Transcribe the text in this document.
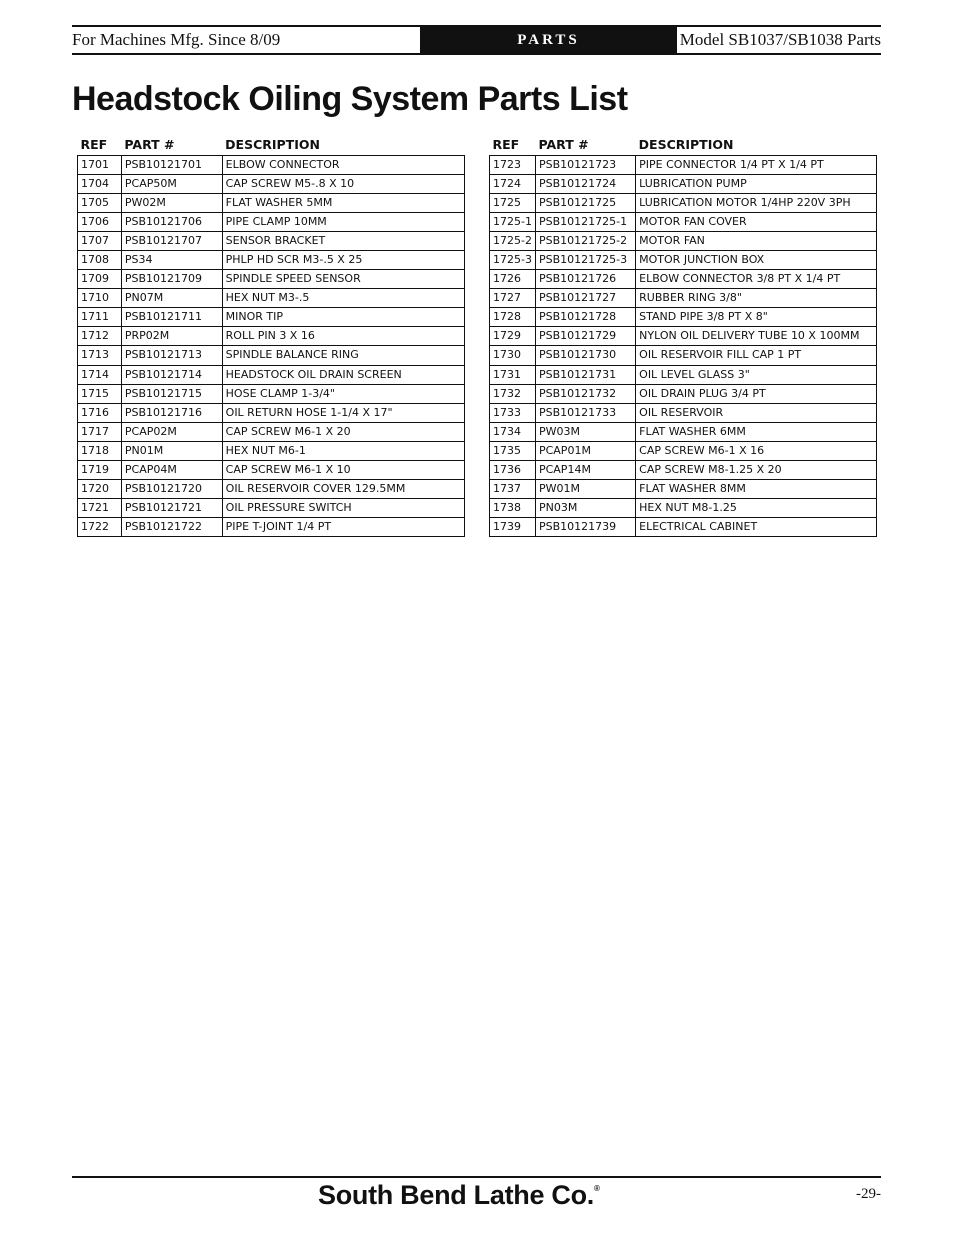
For Machines Mfg. Since 8/09	PARTS	Model SB1037/SB1038 Parts
Headstock Oiling System Parts List
REF	PART #	DESCRIPTION
1701	PSB10121701	ELBOW CONNECTOR
1704	PCAP50M	CAP SCREW M5-.8 X 10
1705	PW02M	FLAT WASHER 5MM
1706	PSB10121706	PIPE CLAMP 10MM
1707	PSB10121707	SENSOR BRACKET
1708	PS34	PHLP HD SCR M3-.5 X 25
1709	PSB10121709	SPINDLE SPEED SENSOR
1710	PN07M	HEX NUT M3-.5
1711	PSB10121711	MINOR TIP
1712	PRP02M	ROLL PIN 3 X 16
1713	PSB10121713	SPINDLE BALANCE RING
1714	PSB10121714	HEADSTOCK OIL DRAIN SCREEN
1715	PSB10121715	HOSE CLAMP 1-3/4"
1716	PSB10121716	OIL RETURN HOSE 1-1/4 X 17"
1717	PCAP02M	CAP SCREW M6-1 X 20
1718	PN01M	HEX NUT M6-1
1719	PCAP04M	CAP SCREW M6-1 X 10
1720	PSB10121720	OIL RESERVOIR COVER 129.5MM
1721	PSB10121721	OIL PRESSURE SWITCH
1722	PSB10121722	PIPE T-JOINT 1/4 PT
REF	PART #	DESCRIPTION
1723	PSB10121723	PIPE CONNECTOR 1/4 PT X 1/4 PT
1724	PSB10121724	LUBRICATION PUMP
1725	PSB10121725	LUBRICATION MOTOR 1/4HP 220V 3PH
1725-1	PSB10121725-1	MOTOR FAN COVER
1725-2	PSB10121725-2	MOTOR FAN
1725-3	PSB10121725-3	MOTOR JUNCTION BOX
1726	PSB10121726	ELBOW CONNECTOR 3/8 PT X 1/4 PT
1727	PSB10121727	RUBBER RING 3/8"
1728	PSB10121728	STAND PIPE 3/8 PT X 8"
1729	PSB10121729	NYLON OIL DELIVERY TUBE 10 X 100MM
1730	PSB10121730	OIL RESERVOIR FILL CAP 1 PT
1731	PSB10121731	OIL LEVEL GLASS 3"
1732	PSB10121732	OIL DRAIN PLUG 3/4 PT
1733	PSB10121733	OIL RESERVOIR
1734	PW03M	FLAT WASHER 6MM
1735	PCAP01M	CAP SCREW M6-1 X 16
1736	PCAP14M	CAP SCREW M8-1.25 X 20
1737	PW01M	FLAT WASHER 8MM
1738	PN03M	HEX NUT M8-1.25
1739	PSB10121739	ELECTRICAL CABINET
South Bend Lathe Co.®	-29-
